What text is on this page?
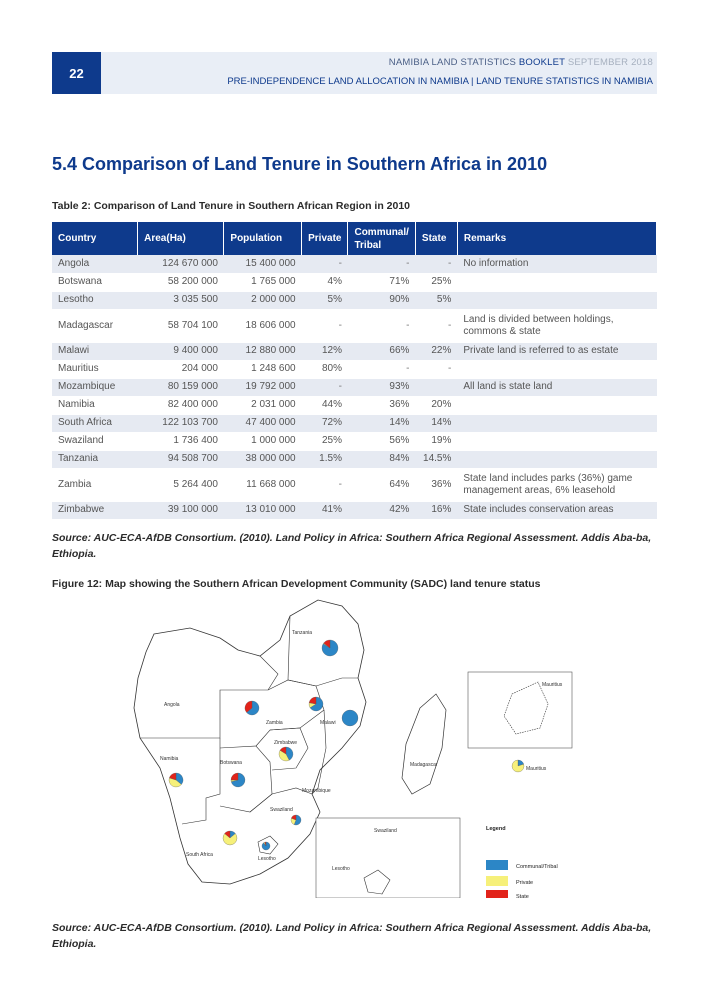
22
NAMIBIA LAND STATISTICS BOOKLET SEPTEMBER 2018
PRE-INDEPENDENCE LAND ALLOCATION IN NAMIBIA | LAND TENURE STATISTICS IN NAMIBIA
5.4 Comparison of Land Tenure in Southern Africa in 2010
Table 2: Comparison of Land Tenure in Southern African Region in 2010
Country	Area(Ha)	Population	Private	Communal/ Tribal	State	Remarks
Angola	124 670 000	15 400 000	-	-	-	No information
Botswana	58 200 000	1 765 000	4%	71%	25%	
Lesotho	3 035 500	2 000 000	5%	90%	5%	
Madagascar	58 704 100	18 606 000	-	-	-	Land is divided between holdings, commons & state
Malawi	9 400 000	12 880 000	12%	66%	22%	Private land is referred to as estate
Mauritius	204 000	1 248 600	80%	-	-	
Mozambique	80 159 000	19 792 000	-	93%		All land is state land
Namibia	82 400 000	2 031 000	44%	36%	20%	
South Africa	122 103 700	47 400 000	72%	14%	14%	
Swaziland	1 736 400	1 000 000	25%	56%	19%	
Tanzania	94 508 700	38 000 000	1.5%	84%	14.5%	
Zambia	5 264 400	11 668 000	-	64%	36%	State land includes parks (36%) game management areas, 6% leasehold
Zimbabwe	39 100 000	13 010 000	41%	42%	16%	State includes conservation areas
Source: AUC-ECA-AfDB Consortium. (2010). Land Policy in Africa: Southern Africa Regional Assessment. Addis Aba-ba, Ethiopia.
Figure 12: Map showing the Southern African Development Community (SADC) land tenure status
Tanzania
Angola
Zambia	Malawi
Zimbabwe
Namibia
Botswana
Mozambique
Madagascar
Swaziland
South Africa
Lesotho
Mauritius
Mauritius
Swaziland
Lesotho
Legend
Communal/Tribal
Private
State
Source: AUC-ECA-AfDB Consortium. (2010). Land Policy in Africa: Southern Africa Regional Assessment. Addis Aba-ba, Ethiopia.
